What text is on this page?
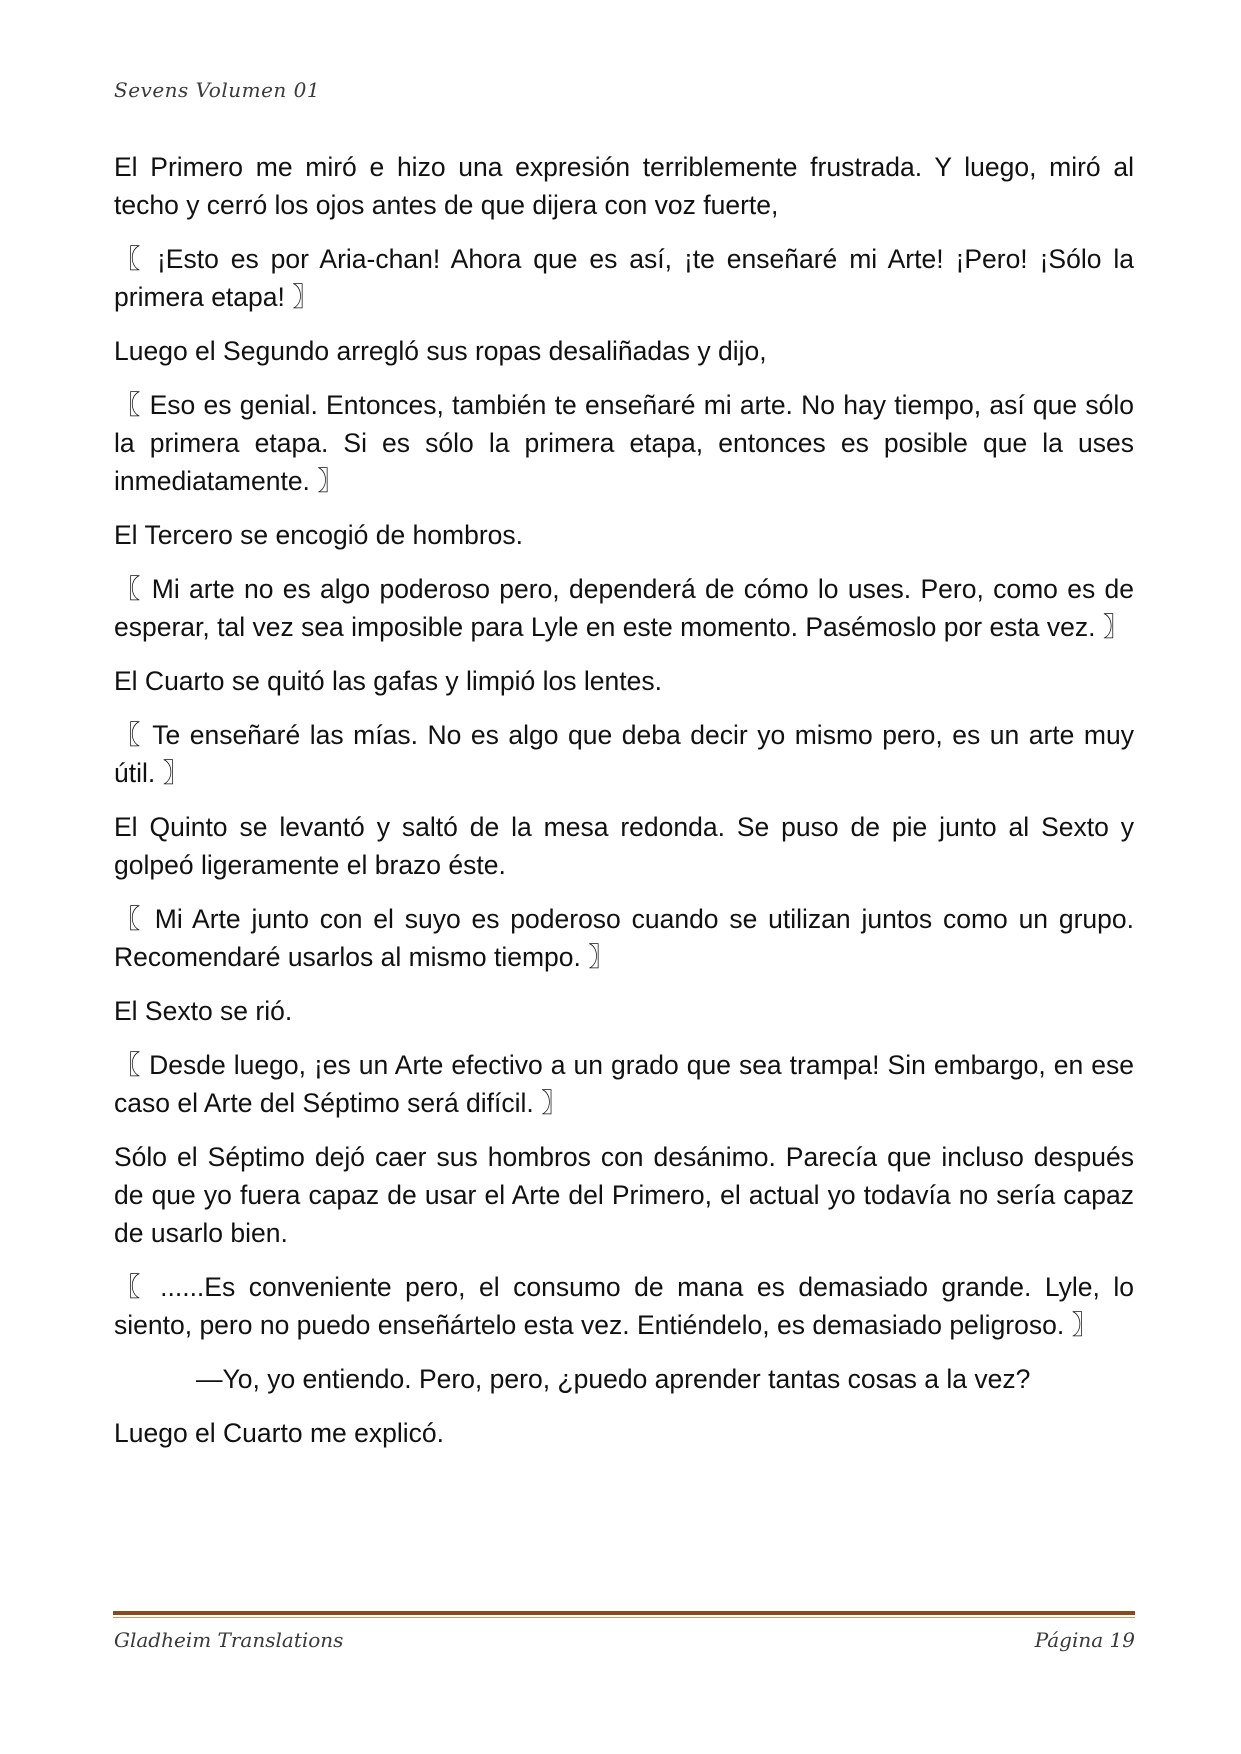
Sevens Volumen 01

El Primero me miró e hizo una expresión terriblemente frustrada. Y luego, miró al techo y cerró los ojos antes de que dijera con voz fuerte,

〖 ¡Esto es por Aria-chan! Ahora que es así, ¡te enseñaré mi Arte! ¡Pero! ¡Sólo la primera etapa! 〗

Luego el Segundo arregló sus ropas desaliñadas y dijo,

〖 Eso es genial. Entonces, también te enseñaré mi arte. No hay tiempo, así que sólo la primera etapa. Si es sólo la primera etapa, entonces es posible que la uses inmediatamente. 〗

El Tercero se encogió de hombros.

〖 Mi arte no es algo poderoso pero, dependerá de cómo lo uses. Pero, como es de esperar, tal vez sea imposible para Lyle en este momento. Pasémoslo por esta vez. 〗

El Cuarto se quitó las gafas y limpió los lentes.

〖 Te enseñaré las mías. No es algo que deba decir yo mismo pero, es un arte muy útil. 〗

El Quinto se levantó y saltó de la mesa redonda. Se puso de pie junto al Sexto y golpeó ligeramente el brazo éste.

〖 Mi Arte junto con el suyo es poderoso cuando se utilizan juntos como un grupo. Recomendaré usarlos al mismo tiempo. 〗

El Sexto se rió.

〖 Desde luego, ¡es un Arte efectivo a un grado que sea trampa! Sin embargo, en ese caso el Arte del Séptimo será difícil. 〗

Sólo el Séptimo dejó caer sus hombros con desánimo. Parecía que incluso después de que yo fuera capaz de usar el Arte del Primero, el actual yo todavía no sería capaz de usarlo bien.

〖 ......Es conveniente pero, el consumo de mana es demasiado grande. Lyle, lo siento, pero no puedo enseñártelo esta vez. Entiéndelo, es demasiado peligroso. 〗

—Yo, yo entiendo. Pero, pero, ¿puedo aprender tantas cosas a la vez?

Luego el Cuarto me explicó.

Gladheim Translations	Página 19
